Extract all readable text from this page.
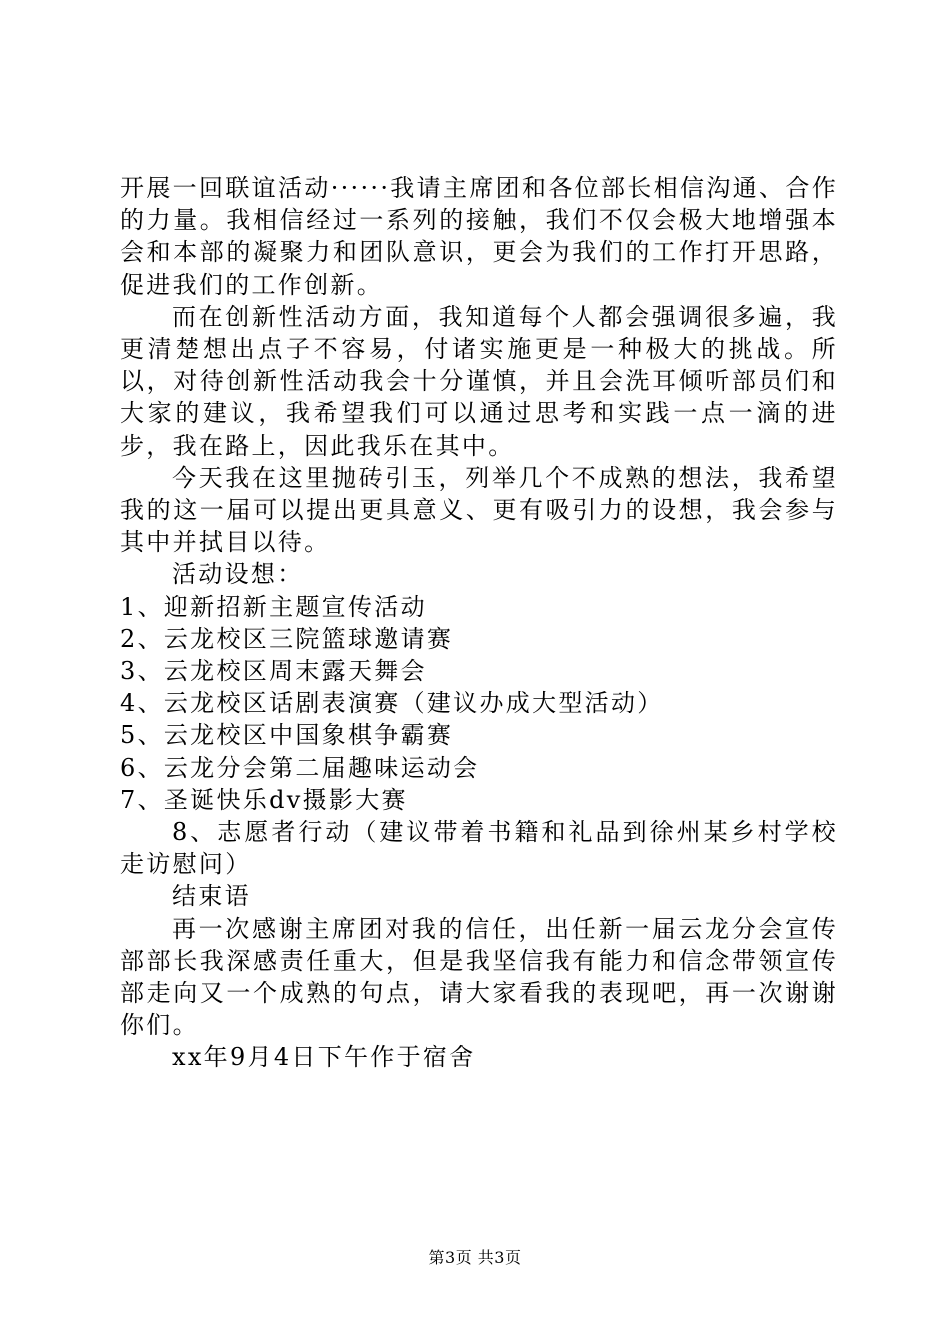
开展一回联谊活动······我请主席团和各位部长相信沟通、合作的力量。我相信经过一系列的接触，我们不仅会极大地增强本会和本部的凝聚力和团队意识，更会为我们的工作打开思路，促进我们的工作创新。

而在创新性活动方面，我知道每个人都会强调很多遍，我更清楚想出点子不容易，付诸实施更是一种极大的挑战。所以，对待创新性活动我会十分谨慎，并且会洗耳倾听部员们和大家的建议，我希望我们可以通过思考和实践一点一滴的进步，我在路上，因此我乐在其中。

今天我在这里抛砖引玉，列举几个不成熟的想法，我希望我的这一届可以提出更具意义、更有吸引力的设想，我会参与其中并拭目以待。

活动设想：

1、迎新招新主题宣传活动

2、云龙校区三院篮球邀请赛

3、云龙校区周末露天舞会

4、云龙校区话剧表演赛（建议办成大型活动）

5、云龙校区中国象棋争霸赛

6、云龙分会第二届趣味运动会

7、圣诞快乐dv摄影大赛

8、志愿者行动（建议带着书籍和礼品到徐州某乡村学校走访慰问）

结束语

再一次感谢主席团对我的信任，出任新一届云龙分会宣传部部长我深感责任重大，但是我坚信我有能力和信念带领宣传部走向又一个成熟的句点，请大家看我的表现吧，再一次谢谢你们。

xx年9月4日下午作于宿舍

第3页 共3页
